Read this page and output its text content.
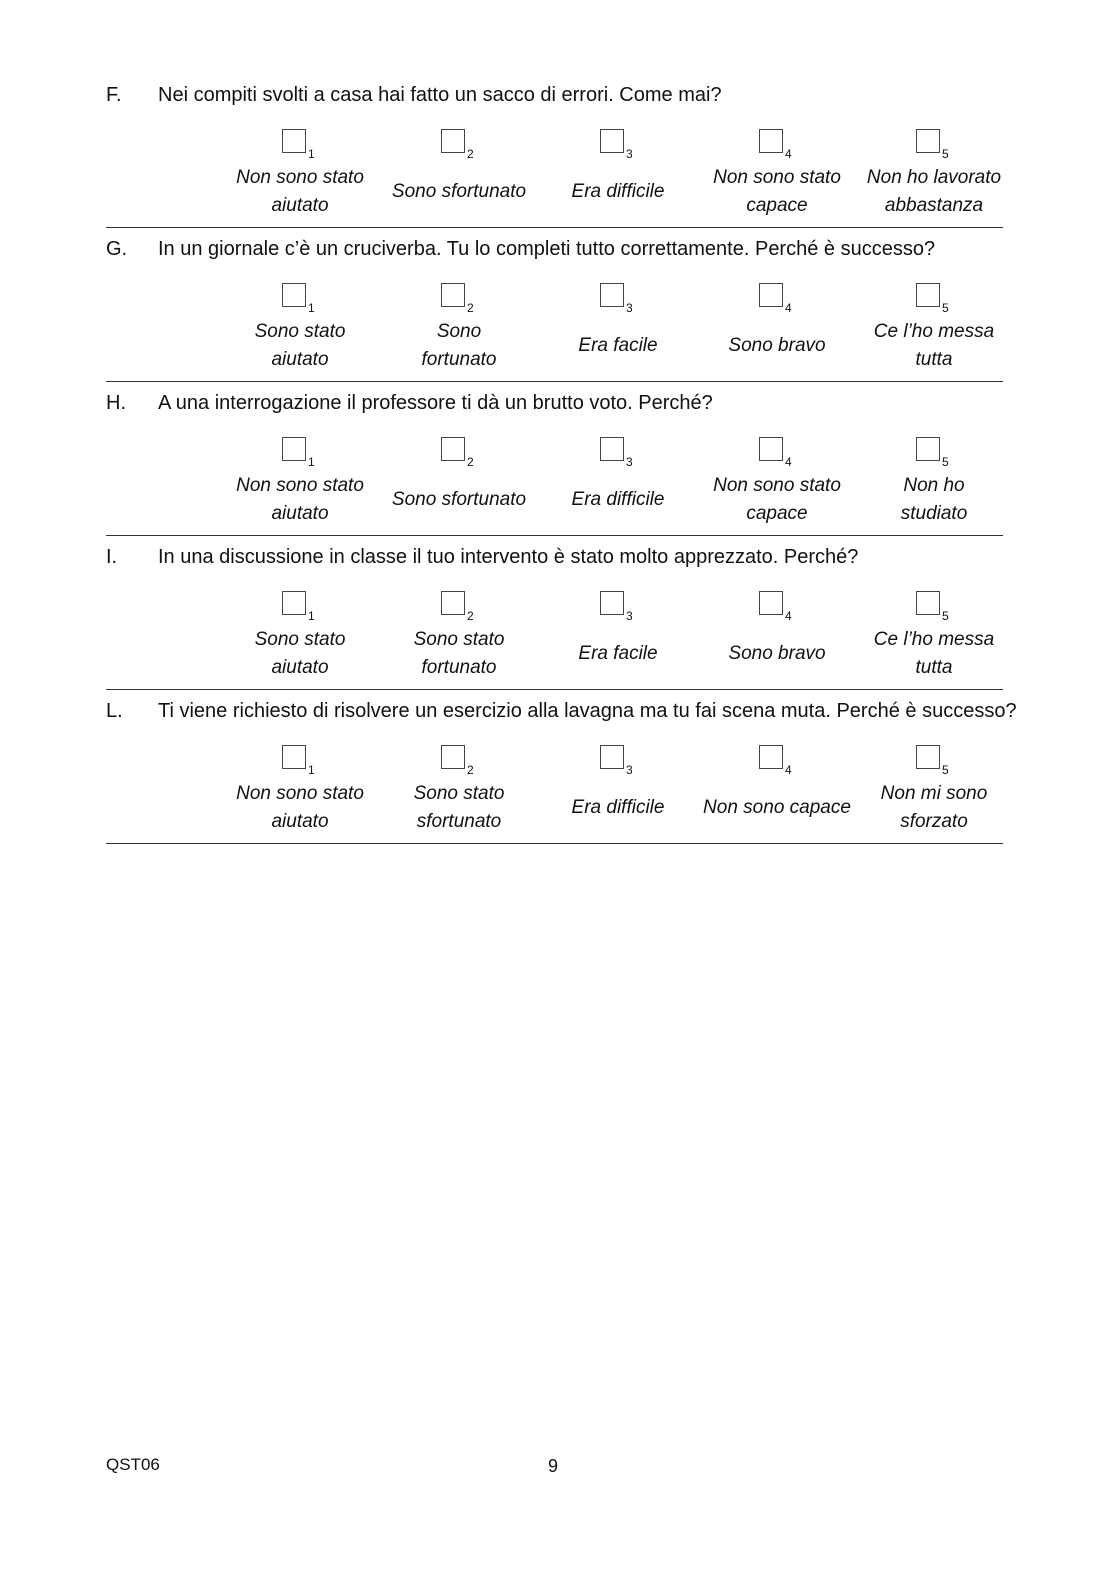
F. Nei compiti svolti a casa hai fatto un sacco di errori. Come mai?
1
Non sono stato
aiutato
2
Sono sfortunato
3
Era difficile
4
Non sono stato
capace
5
Non ho lavorato
abbastanza
G. In un giornale c’è un cruciverba. Tu lo completi tutto correttamente. Perché è successo?
1
Sono stato
aiutato
2
Sono
fortunato
3
Era facile
4
Sono bravo
5
Ce l’ho messa
tutta
H. A una interrogazione il professore ti dà un brutto voto. Perché?
1
Non sono stato
aiutato
2
Sono sfortunato
3
Era difficile
4
Non sono stato
capace
5
Non ho
studiato
I. In una discussione in classe il tuo intervento è stato molto apprezzato. Perché?
1
Sono stato
aiutato
2
Sono stato
fortunato
3
Era facile
4
Sono bravo
5
Ce l’ho messa
tutta
L. Ti viene richiesto di risolvere un esercizio alla lavagna ma tu fai scena muta. Perché è successo?
1
Non sono stato
aiutato
2
Sono stato
sfortunato
3
Era difficile
4
Non sono capace
5
Non mi sono
sforzato
QST06	9
